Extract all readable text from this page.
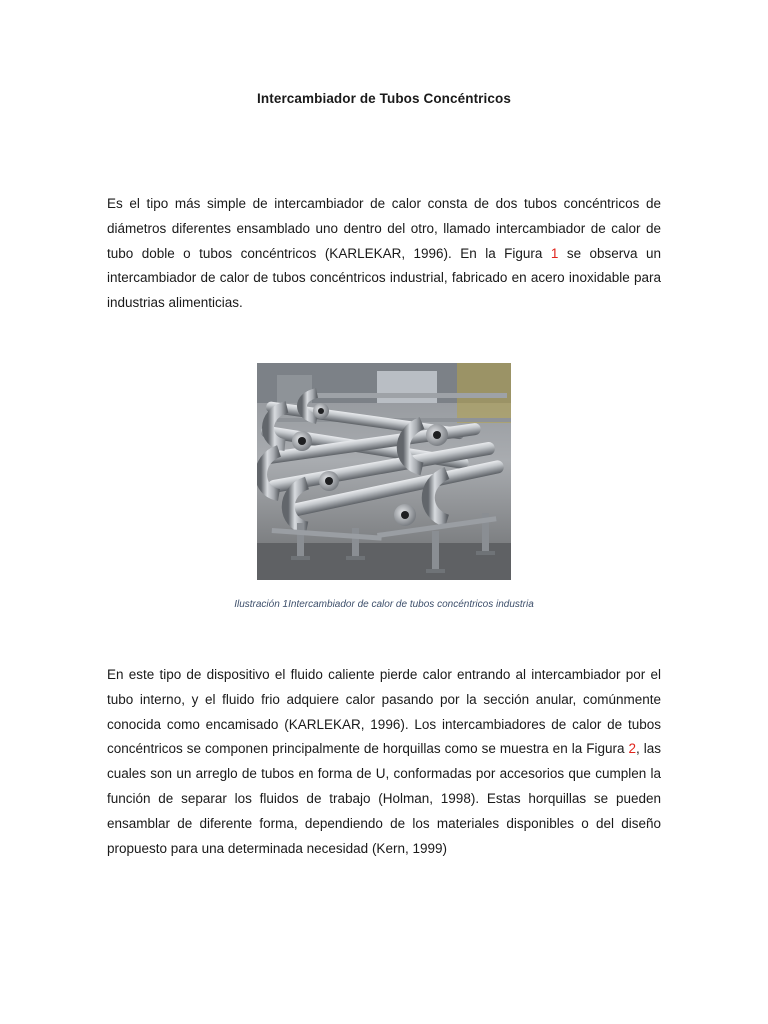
Intercambiador de Tubos Concéntricos

Es el tipo más simple de intercambiador de calor consta de dos tubos concéntricos de diámetros diferentes ensamblado uno dentro del otro, llamado intercambiador de calor de tubo doble o tubos concéntricos (KARLEKAR, 1996). En la Figura 1 se observa un intercambiador de calor de tubos concéntricos industrial, fabricado en acero inoxidable para industrias alimenticias.

Ilustración 1Intercambiador de calor de tubos concéntricos industria

En este tipo de dispositivo el fluido caliente pierde calor entrando al intercambiador por el tubo interno, y el fluido frio adquiere calor pasando por la sección anular, comúnmente conocida como encamisado (KARLEKAR, 1996). Los intercambiadores de calor de tubos concéntricos se componen principalmente de horquillas como se muestra en la Figura 2, las cuales son un arreglo de tubos en forma de U, conformadas por accesorios que cumplen la función de separar los fluidos de trabajo (Holman, 1998). Estas horquillas se pueden ensamblar de diferente forma, dependiendo de los materiales disponibles o del diseño propuesto para una determinada necesidad (Kern, 1999)
